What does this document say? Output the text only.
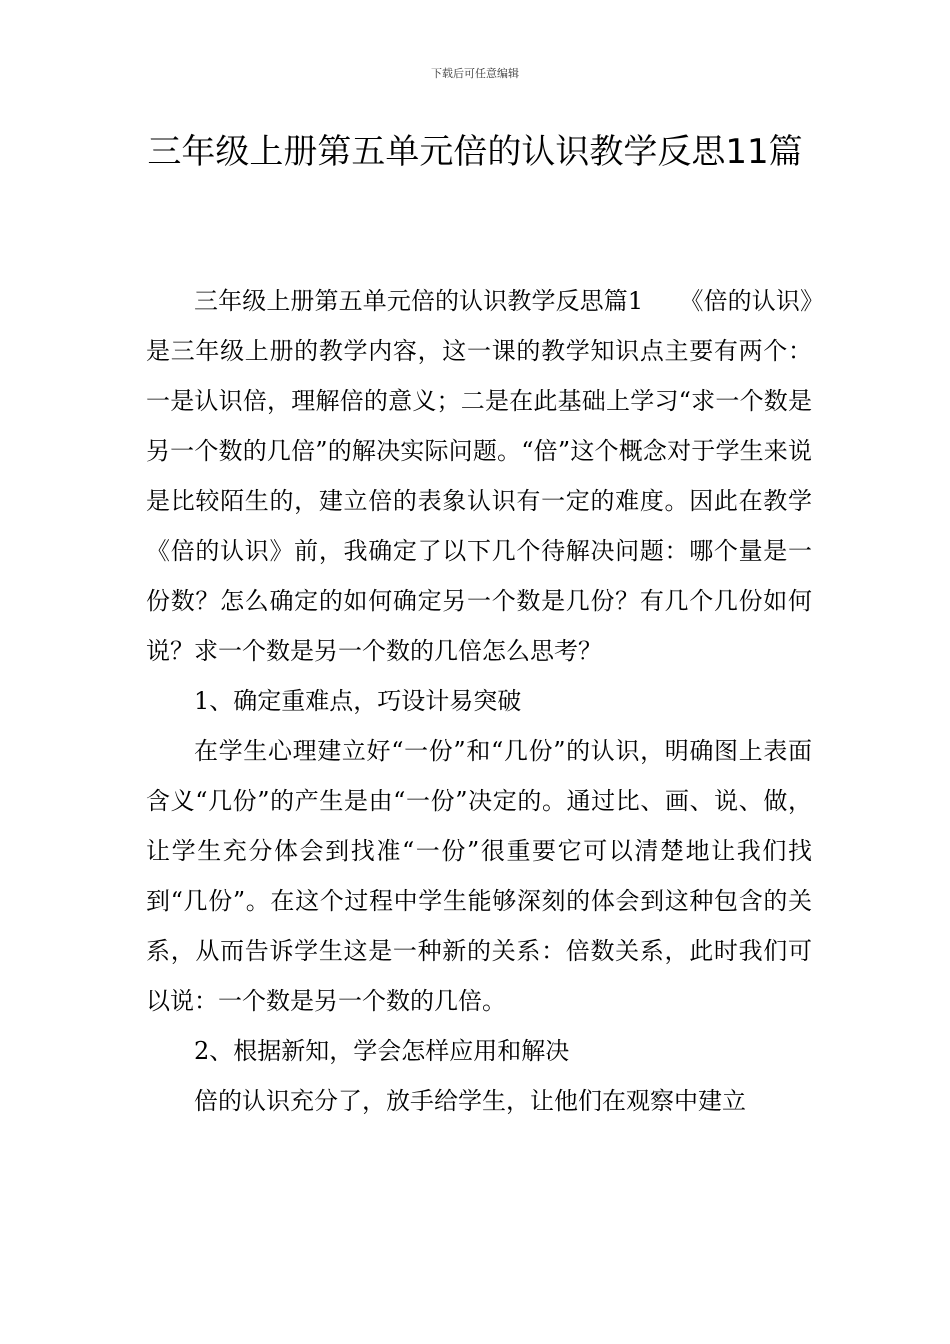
下载后可任意编辑
三年级上册第五单元倍的认识教学反思11篇

三年级上册第五单元倍的认识教学反思篇1　　《倍的认识》是三年级上册的教学内容，这一课的教学知识点主要有两个：一是认识倍，理解倍的意义；二是在此基础上学习“求一个数是另一个数的几倍”的解决实际问题。“倍”这个概念对于学生来说是比较陌生的，建立倍的表象认识有一定的难度。因此在教学《倍的认识》前，我确定了以下几个待解决问题：哪个量是一份数？怎么确定的如何确定另一个数是几份？有几个几份如何说？求一个数是另一个数的几倍怎么思考？

1、确定重难点，巧设计易突破

在学生心理建立好“一份”和“几份”的认识，明确图上表面含义“几份”的产生是由“一份”决定的。通过比、画、说、做，让学生充分体会到找准“一份”很重要它可以清楚地让我们找到“几份”。在这个过程中学生能够深刻的体会到这种包含的关系，从而告诉学生这是一种新的关系：倍数关系，此时我们可以说：一个数是另一个数的几倍。

2、根据新知，学会怎样应用和解决

倍的认识充分了，放手给学生，让他们在观察中建立
